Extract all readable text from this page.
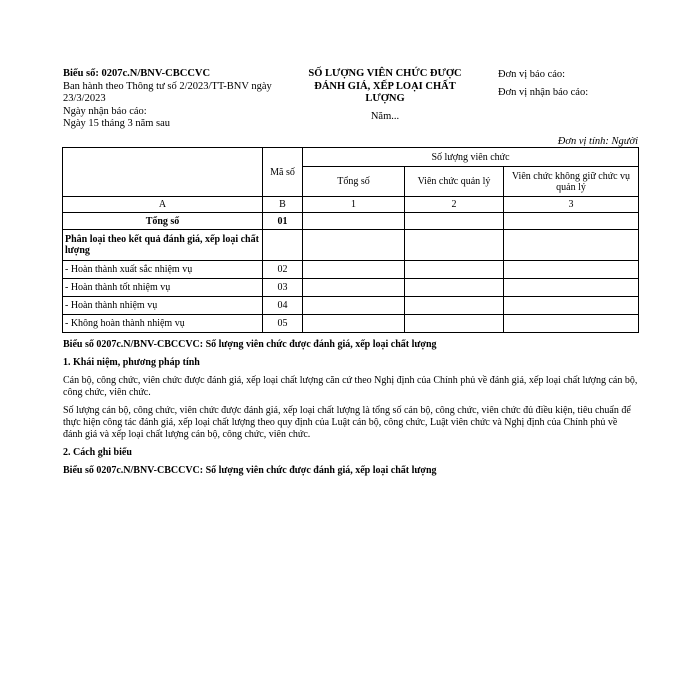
Biểu số: 0207c.N/BNV-CBCCVC
Ban hành theo Thông tư số 2/2023/TT-BNV ngày 23/3/2023
Ngày nhận báo cáo:
Ngày 15 tháng 3 năm sau
SỐ LƯỢNG VIÊN CHỨC ĐƯỢC ĐÁNH GIÁ, XẾP LOẠI CHẤT LƯỢNG
Năm...
Đơn vị báo cáo:
Đơn vị nhận báo cáo:
Đơn vị tính: Người
	Mã số	Số lượng viên chức		
		Tổng số	Viên chức quản lý	Viên chức không giữ chức vụ quản lý
A	B	1	2	3
Tổng số	01			
Phân loại theo kết quả đánh giá, xếp loại chất lượng				
- Hoàn thành xuất sắc nhiệm vụ	02			
- Hoàn thành tốt nhiệm vụ	03			
- Hoàn thành nhiệm vụ	04			
- Không hoàn thành nhiệm vụ	05			

Biểu số 0207c.N/BNV-CBCCVC: Số lượng viên chức được đánh giá, xếp loại chất lượng

1. Khái niệm, phương pháp tính

Cán bộ, công chức, viên chức được đánh giá, xếp loại chất lượng căn cứ theo Nghị định của Chính phủ về đánh giá, xếp loại chất lượng cán bộ, công chức, viên chức.

Số lượng cán bộ, công chức, viên chức được đánh giá, xếp loại chất lượng là tổng số cán bộ, công chức, viên chức đủ điều kiện, tiêu chuẩn để thực hiện công tác đánh giá, xếp loại chất lượng theo quy định của Luật cán bộ, công chức, Luật viên chức và Nghị định của Chính phủ về đánh giá và xếp loại chất lượng cán bộ, công chức, viên chức.

2. Cách ghi biểu

Biểu số 0207c.N/BNV-CBCCVC: Số lượng viên chức được đánh giá, xếp loại chất lượng
